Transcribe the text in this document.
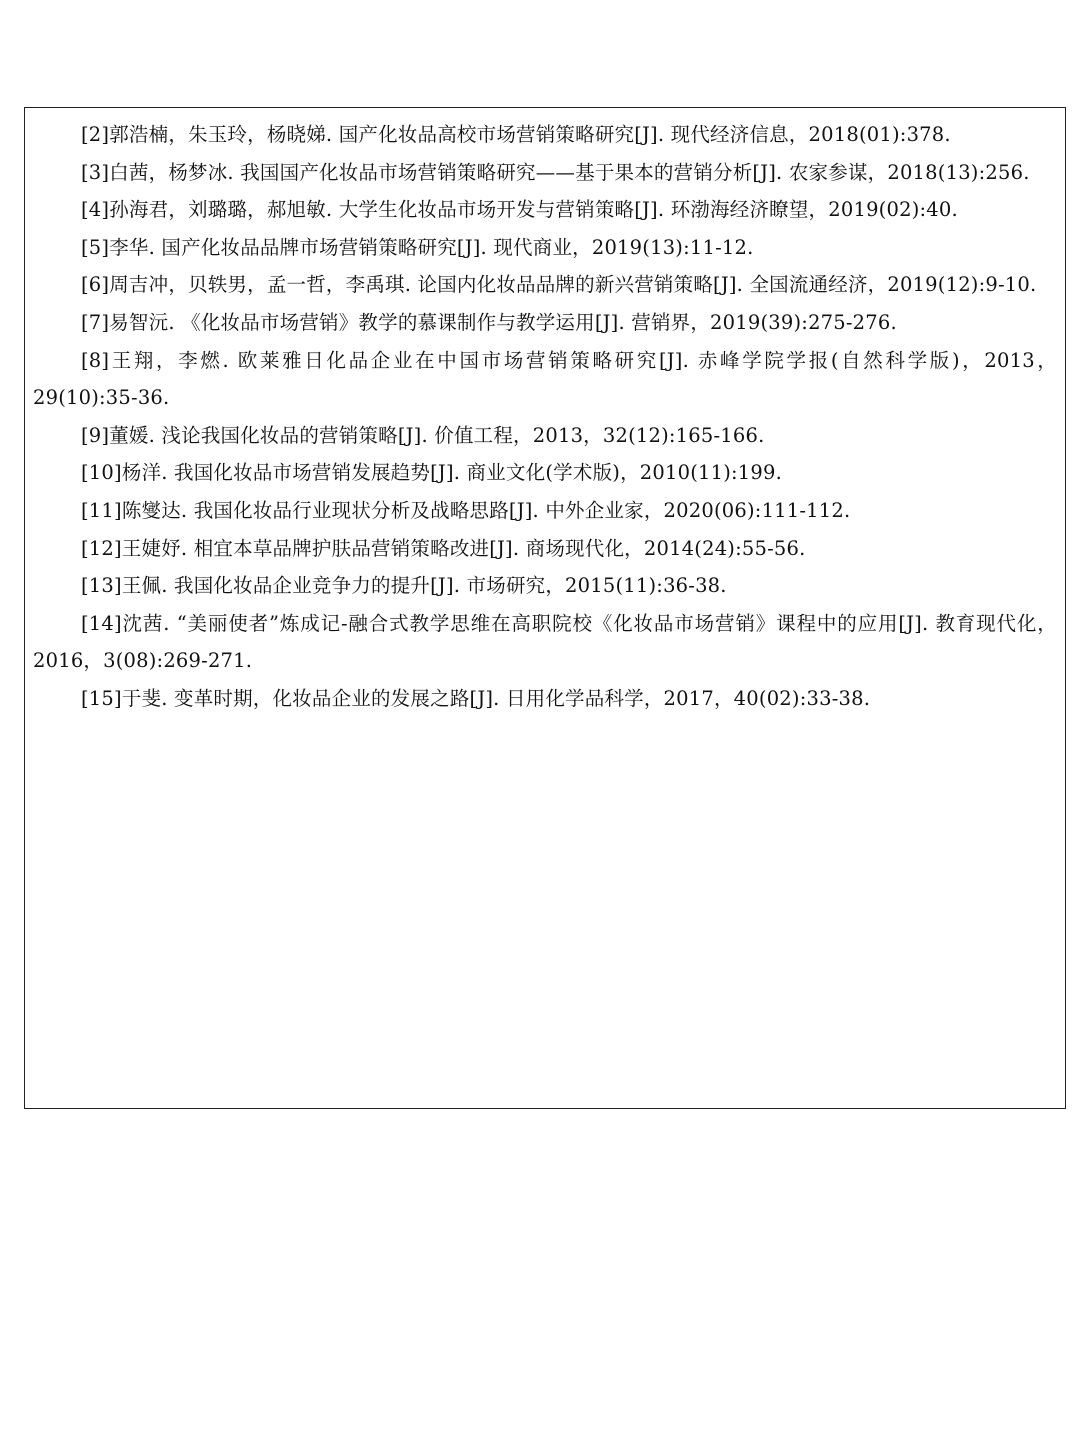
[2]郭浩楠，朱玉玲，杨晓娣. 国产化妆品高校市场营销策略研究[J]. 现代经济信息，2018(01):378.

[3]白茜，杨梦冰. 我国国产化妆品市场营销策略研究——基于果本的营销分析[J]. 农家参谋，2018(13):256.

[4]孙海君，刘璐璐，郝旭敏. 大学生化妆品市场开发与营销策略[J]. 环渤海经济瞭望，2019(02):40.

[5]李华. 国产化妆品品牌市场营销策略研究[J]. 现代商业，2019(13):11-12.

[6]周吉冲，贝轶男，孟一哲，李禹琪. 论国内化妆品品牌的新兴营销策略[J]. 全国流通经济，2019(12):9-10.

[7]易智沅. 《化妆品市场营销》教学的慕课制作与教学运用[J]. 营销界，2019(39):275-276.

[8]王翔，李燃. 欧莱雅日化品企业在中国市场营销策略研究[J]. 赤峰学院学报(自然科学版)，2013，29(10):35-36.

[9]董媛. 浅论我国化妆品的营销策略[J]. 价值工程，2013，32(12):165-166.

[10]杨洋. 我国化妆品市场营销发展趋势[J]. 商业文化(学术版)，2010(11):199.

[11]陈燮达. 我国化妆品行业现状分析及战略思路[J]. 中外企业家，2020(06):111-112.

[12]王婕妤. 相宜本草品牌护肤品营销策略改进[J]. 商场现代化，2014(24):55-56.

[13]王佩. 我国化妆品企业竞争力的提升[J]. 市场研究，2015(11):36-38.

[14]沈茜. “美丽使者”炼成记-融合式教学思维在高职院校《化妆品市场营销》课程中的应用[J]. 教育现代化，2016，3(08):269-271.

[15]于斐. 变革时期，化妆品企业的发展之路[J]. 日用化学品科学，2017，40(02):33-38.
